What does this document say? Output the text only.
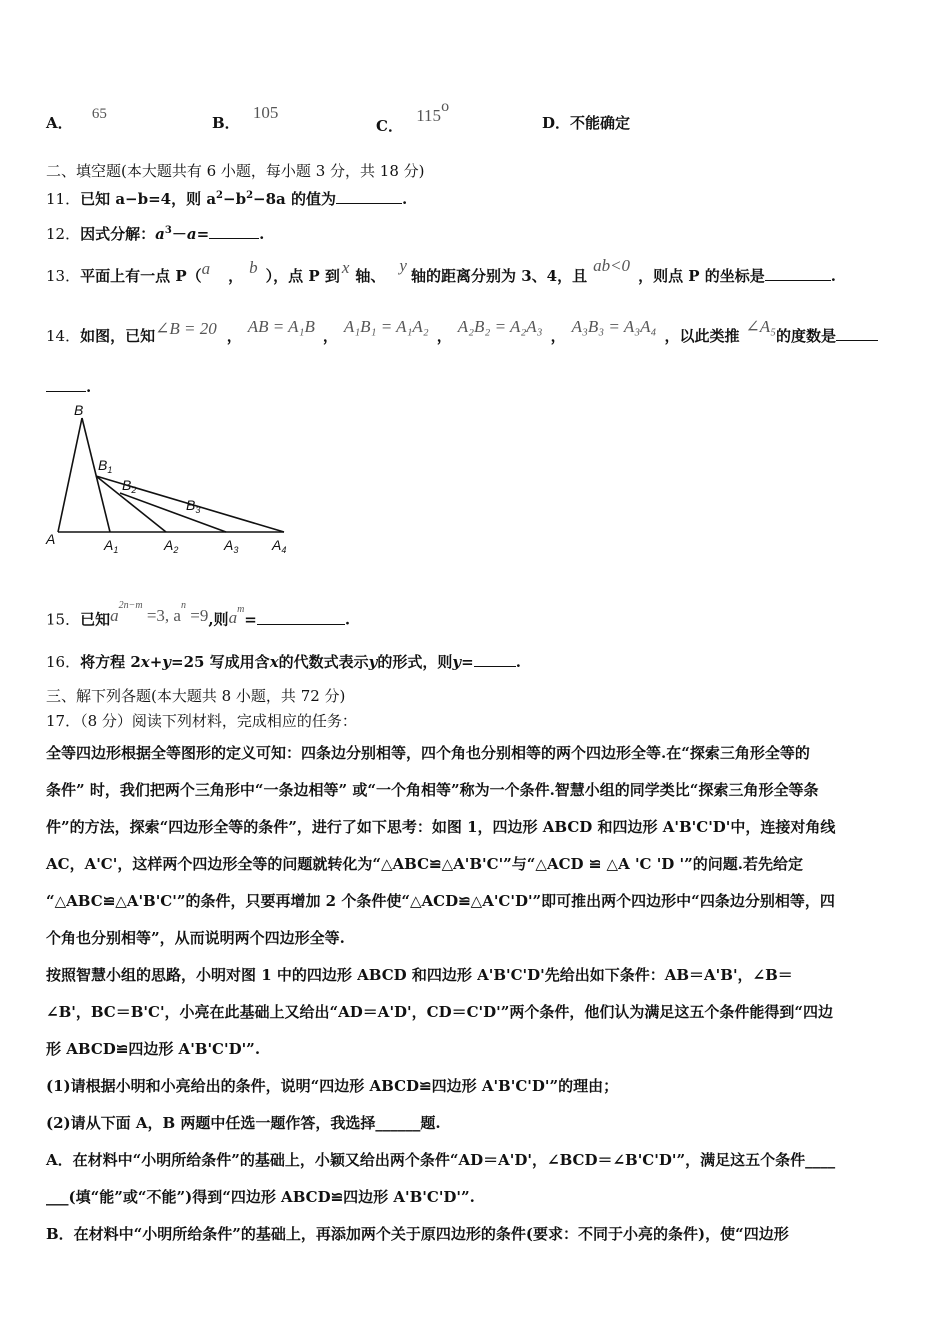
A． 65	B． 105
C． 115$^o$
D．不能确定
二、填空题(本大题共有 6 小题，每小题 3 分，共 18 分)
11．已知 a−b=4，则 $a^2-b^2-8a$ 的值为	.
12．因式分解：$a^3-a=$	.
13．平面上有一点 P（a ， b ），点 P 到 x 轴、y轴的距离分别为 3、4，且ab<0，则点 P 的坐标是	.
14．如图，已知∠B = 20 ， AB = A₁B ， A₁B₁ = A₁A₂ ， A₂B₂ = A₂A₃ ， A₃B₃ = A₃A₄ ，以此类推 ∠A₅的度数是
.
B
$B_1$
$B_2$
$B_3$
A	$A_1$	$A_2$	$A_3$ $A_4$
15．已知$a^{2n-m} =3$, $a^n =9$,则$a^m=$	.
16．将方程 2x+y=25 写成用含x的代数式表示y的形式，则y=	.
三、解下列各题(本大题共 8 小题，共 72 分)
17．（8 分）阅读下列材料，完成相应的任务：
全等四边形根据全等图形的定义可知：四条边分别相等，四个角也分别相等的两个四边形全等.在“探索三角形全等的
条件” 时，我们把两个三角形中“一条边相等” 或“一个角相等”称为一个条件.智慧小组的同学类比“探索三角形全等条
件”的方法，探索“四边形全等的条件”，进行了如下思考：如图 1，四边形 ABCD 和四边形 A'B'C'D'中，连接对角线
AC，A'C'，这样两个四边形全等的问题就转化为“△ABC≌△A'B'C'”与“△ACD ≌ △A 'C 'D '”的问题.若先给定
“△ABC≌△A'B'C'”的条件，只要再增加 2 个条件使“△ACD≌△A'C'D'”即可推出两个四边形中“四条边分别相等，四
个角也分别相等”，从而说明两个四边形全等.
按照智慧小组的思路，小明对图 1 中的四边形 ABCD 和四边形 A'B'C'D'先给出如下条件：AB＝A'B'，∠B＝
∠B'，BC＝B'C'，小亮在此基础上又给出“AD＝A'D'，CD＝C'D'”两个条件，他们认为满足这五个条件能得到“四边
形 ABCD≌四边形 A'B'C'D'”.
(1)请根据小明和小亮给出的条件，说明“四边形 ABCD≌四边形 A'B'C'D'”的理由；
(2)请从下面 A，B 两题中任选一题作答，我选择______题.
A．在材料中“小明所给条件”的基础上，小颖又给出两个条件“AD＝A'D'，∠BCD＝∠B'C'D'”，满足这五个条件____
___(填“能”或“不能”)得到“四边形 ABCD≌四边形 A'B'C'D'”.
B．在材料中“小明所给条件”的基础上，再添加两个关于原四边形的条件(要求：不同于小亮的条件)，使“四边形
